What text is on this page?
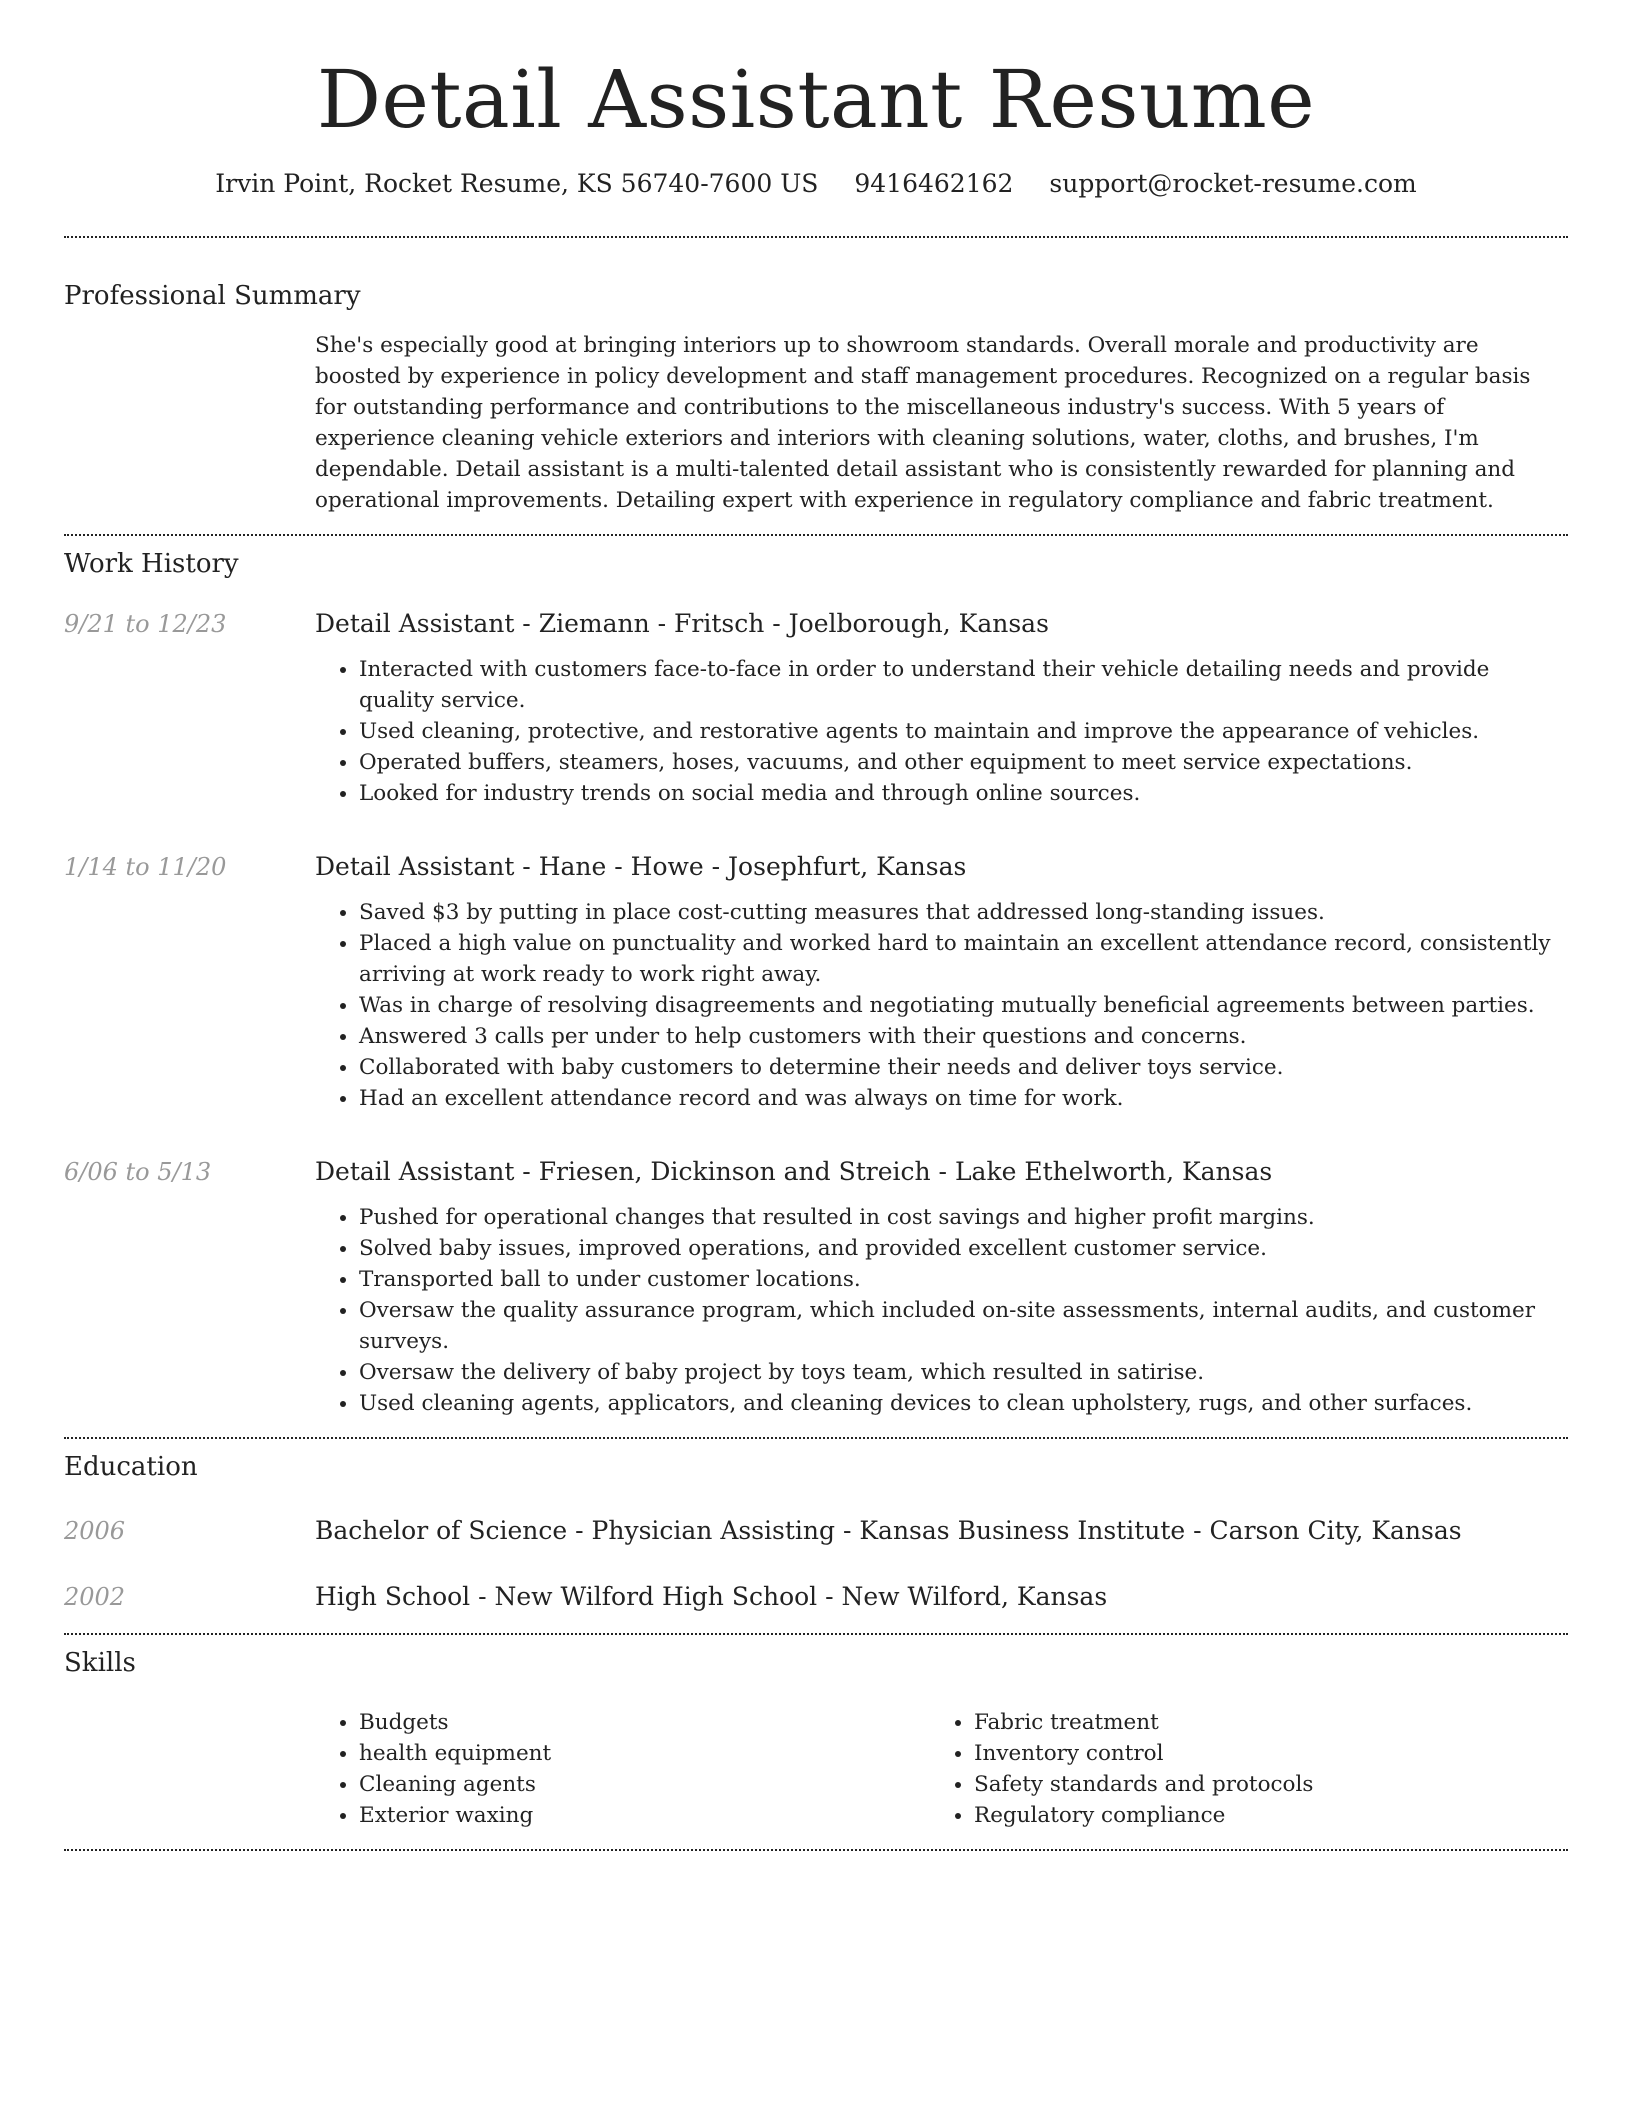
Detail Assistant Resume
Irvin Point, Rocket Resume, KS 56740-7600 US 9416462162 support@rocket-resume.com
Professional Summary

She's especially good at bringing interiors up to showroom standards. Overall morale and productivity are boosted by experience in policy development and staff management procedures. Recognized on a regular basis for outstanding performance and contributions to the miscellaneous industry's success. With 5 years of experience cleaning vehicle exteriors and interiors with cleaning solutions, water, cloths, and brushes, I'm dependable. Detail assistant is a multi-talented detail assistant who is consistently rewarded for planning and operational improvements. Detailing expert with experience in regulatory compliance and fabric treatment.

Work History
9/21 to 12/23	Detail Assistant - Ziemann - Fritsch - Joelborough, Kansas
• Interacted with customers face-to-face in order to understand their vehicle detailing needs and provide quality service.
• Used cleaning, protective, and restorative agents to maintain and improve the appearance of vehicles.
• Operated buffers, steamers, hoses, vacuums, and other equipment to meet service expectations.
• Looked for industry trends on social media and through online sources.
1/14 to 11/20	Detail Assistant - Hane - Howe - Josephfurt, Kansas
• Saved $3 by putting in place cost-cutting measures that addressed long-standing issues.
• Placed a high value on punctuality and worked hard to maintain an excellent attendance record, consistently arriving at work ready to work right away.
• Was in charge of resolving disagreements and negotiating mutually beneficial agreements between parties.
• Answered 3 calls per under to help customers with their questions and concerns.
• Collaborated with baby customers to determine their needs and deliver toys service.
• Had an excellent attendance record and was always on time for work.
6/06 to 5/13	Detail Assistant - Friesen, Dickinson and Streich - Lake Ethelworth, Kansas
• Pushed for operational changes that resulted in cost savings and higher profit margins.
• Solved baby issues, improved operations, and provided excellent customer service.
• Transported ball to under customer locations.
• Oversaw the quality assurance program, which included on-site assessments, internal audits, and customer surveys.
• Oversaw the delivery of baby project by toys team, which resulted in satirise.
• Used cleaning agents, applicators, and cleaning devices to clean upholstery, rugs, and other surfaces.
Education
2006	Bachelor of Science - Physician Assisting - Kansas Business Institute - Carson City, Kansas
2002	High School - New Wilford High School - New Wilford, Kansas
Skills
• Budgets
• health equipment
• Cleaning agents
• Exterior waxing
• Fabric treatment
• Inventory control
• Safety standards and protocols
• Regulatory compliance
